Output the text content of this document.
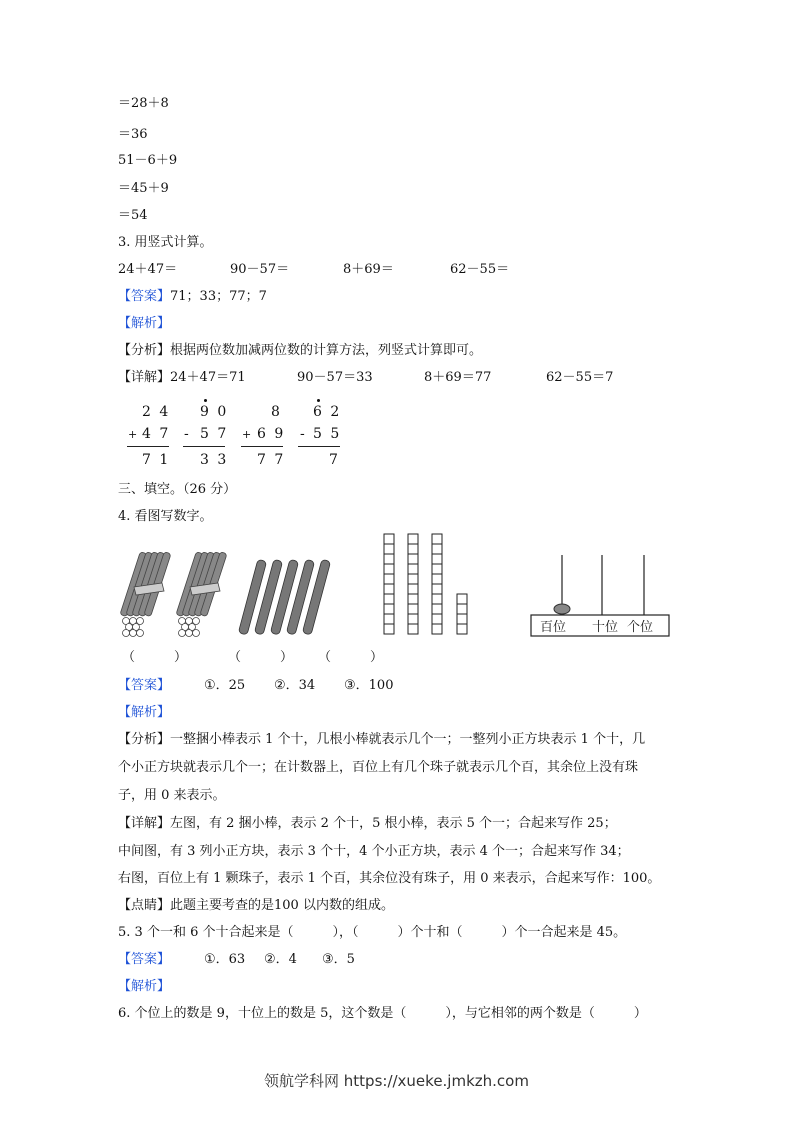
＝28＋8
＝36
51－6＋9
＝45＋9
＝54
3. 用竖式计算。
24＋47＝	90－57＝	8＋69＝	62－55＝
【答案】71；33；77；7
【解析】
【分析】根据两位数加减两位数的计算方法，列竖式计算即可。
【详解】24＋47＝71	90－57＝33	8＋69＝77	62－55＝7
2 4
+ 4 7
7 1
9 0
- 5 7
3 3
8
+ 6 9
7 7
6 2
- 5 5
7
三、填空。（26 分）
4. 看图写数字。
百位 十位 个位
（　　　）	（　　　） （　　　）
【答案】	①．25 ②．34 ③．100
【解析】
【分析】一整捆小棒表示 1 个十，几根小棒就表示几个一；一整列小正方块表示 1 个十，几
个小正方块就表示几个一；在计数器上，百位上有几个珠子就表示几个百，其余位上没有珠
子，用 0 来表示。
【详解】左图，有 2 捆小棒，表示 2 个十，5 根小棒，表示 5 个一；合起来写作 25；
中间图，有 3 列小正方块，表示 3 个十，4 个小正方块，表示 4 个一；合起来写作 34；
右图，百位上有 1 颗珠子，表示 1 个百，其余位没有珠子，用 0 来表示，合起来写作：100。
【点睛】此题主要考查的是100 以内数的组成。
5. 3 个一和 6 个十合起来是（　　　），（　　　）个十和（　　　）个一合起来是 45。
【答案】	①．63 ②．4 ③．5
【解析】
6. 个位上的数是 9，十位上的数是 5，这个数是（　　　），与它相邻的两个数是（　　　）
领航学科网 https://xueke.jmkzh.com
